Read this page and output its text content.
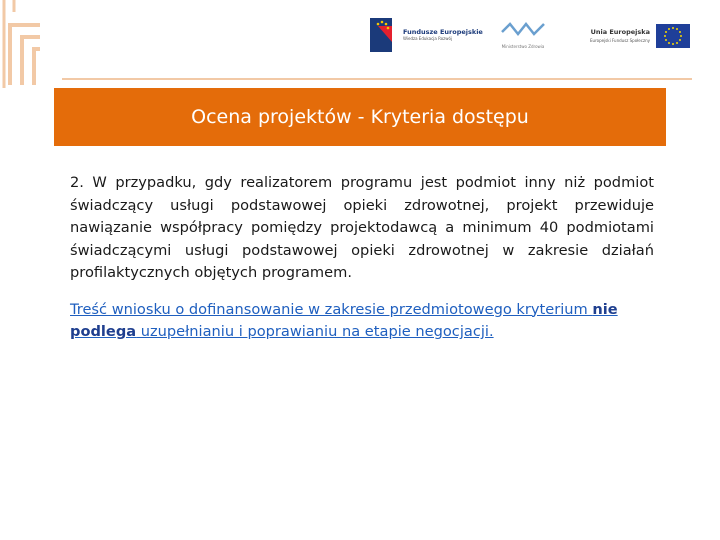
Fundusze Europejskie
Wiedza Edukacja Rozwój
Ministerstwo Zdrowia
Unia Europejska
Europejski Fundusz Społeczny
Ocena projektów - Kryteria dostępu

2. W przypadku, gdy realizatorem programu jest podmiot inny niż podmiot świadczący usługi podstawowej opieki zdrowotnej, projekt przewiduje nawiązanie współpracy pomiędzy projektodawcą a minimum 40 podmiotami świadczącymi usługi podstawowej opieki zdrowotnej w zakresie działań profilaktycznych objętych programem.

Treść wniosku o dofinansowanie w zakresie przedmiotowego kryterium nie podlega uzupełnianiu i poprawianiu na etapie negocjacji.
